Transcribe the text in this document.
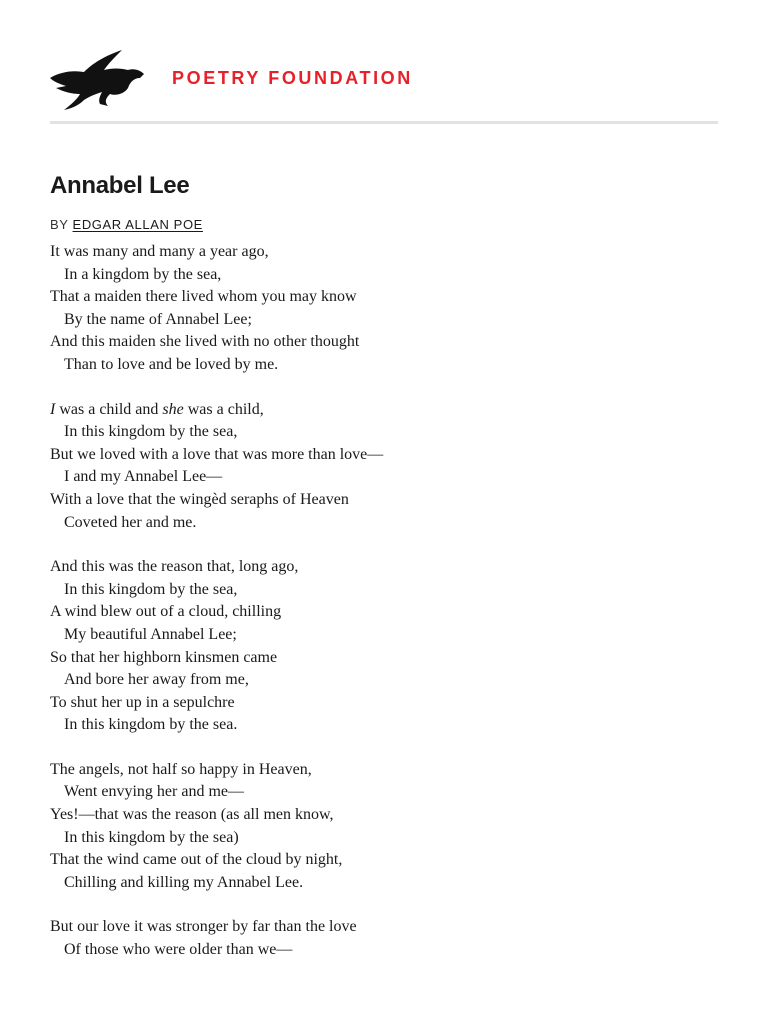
POETRY FOUNDATION
Annabel Lee
BY EDGAR ALLAN POE
It was many and many a year ago,
In a kingdom by the sea,
That a maiden there lived whom you may know
By the name of Annabel Lee;
And this maiden she lived with no other thought
Than to love and be loved by me.
I was a child and she was a child,
In this kingdom by the sea,
But we loved with a love that was more than love—
I and my Annabel Lee—
With a love that the wingèd seraphs of Heaven
Coveted her and me.
And this was the reason that, long ago,
In this kingdom by the sea,
A wind blew out of a cloud, chilling
My beautiful Annabel Lee;
So that her highborn kinsmen came
And bore her away from me,
To shut her up in a sepulchre
In this kingdom by the sea.
The angels, not half so happy in Heaven,
Went envying her and me—
Yes!—that was the reason (as all men know,
In this kingdom by the sea)
That the wind came out of the cloud by night,
Chilling and killing my Annabel Lee.
But our love it was stronger by far than the love
Of those who were older than we—
